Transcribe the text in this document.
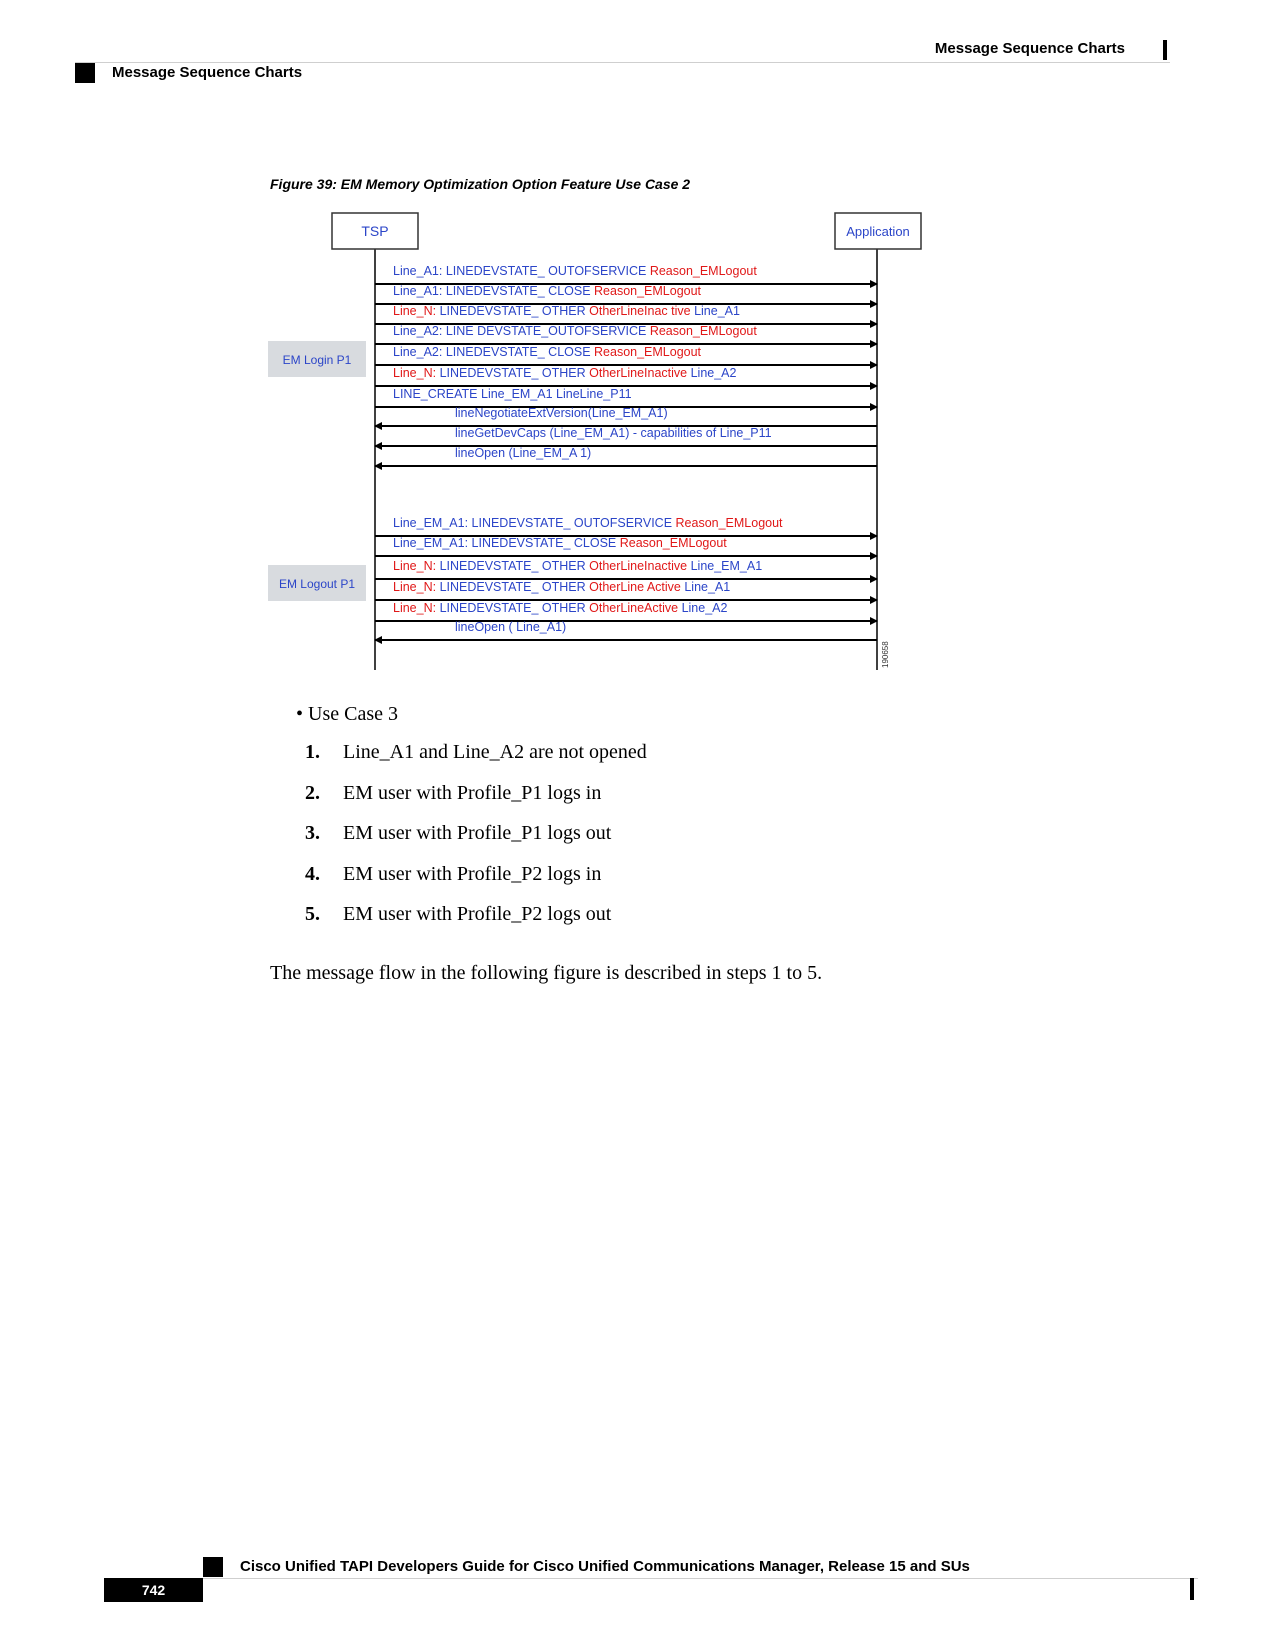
Message Sequence Charts
Message Sequence Charts
Figure 39: EM Memory Optimization Option Feature Use Case 2
TSP	Application
EM Login P1
EM Logout P1
Line_A1: LINEDEVSTATE_ OUTOFSERVICE Reason_EMLogout
Line_A1: LINEDEVSTATE_ CLOSE Reason_EMLogout
Line_N: LINEDEVSTATE_ OTHER OtherLineInac tive Line_A1
Line_A2: LINE DEVSTATE_OUTOFSERVICE Reason_EMLogout
Line_A2: LINEDEVSTATE_ CLOSE Reason_EMLogout
Line_N: LINEDEVSTATE_ OTHER OtherLineInactive Line_A2
LINE_CREATE Line_EM_A1 LineLine_P11
lineNegotiateExtVersion(Line_EM_A1)
lineGetDevCaps (Line_EM_A1) - capabilities of Line_P11
lineOpen (Line_EM_A 1)
Line_EM_A1: LINEDEVSTATE_ OUTOFSERVICE Reason_EMLogout
Line_EM_A1: LINEDEVSTATE_ CLOSE Reason_EMLogout
Line_N: LINEDEVSTATE_ OTHER OtherLineInactive Line_EM_A1
Line_N: LINEDEVSTATE_ OTHER OtherLine Active Line_A1
Line_N: LINEDEVSTATE_ OTHER OtherLineActive Line_A2
lineOpen ( Line_A1)
190658
• Use Case 3
1.	Line_A1 and Line_A2 are not opened
2.	EM user with Profile_P1 logs in
3.	EM user with Profile_P1 logs out
4.	EM user with Profile_P2 logs in
5.	EM user with Profile_P2 logs out
The message flow in the following figure is described in steps 1 to 5.
Cisco Unified TAPI Developers Guide for Cisco Unified Communications Manager, Release 15 and SUs
742
